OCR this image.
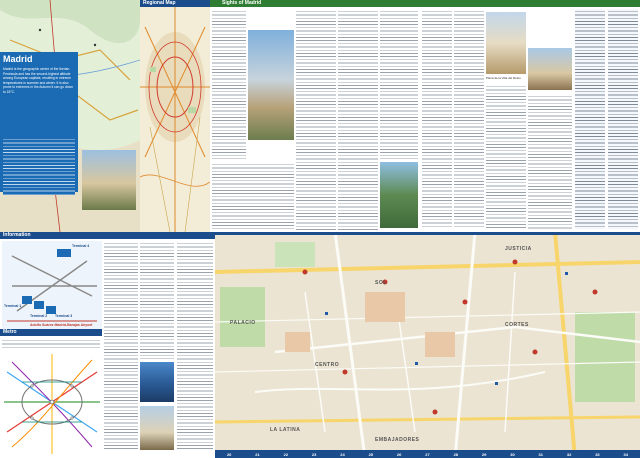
Madrid
Madrid is the geographic centre of the Iberian Peninsula and has the second-highest altitude among European capitals, resulting in extreme temperatures in summer and winter. It is also prone to extremes in the Autumn it can go down to 18°C.
Regional Map	Sights of Madrid
Plaza de la Villa del Retiro
Information
Terminal 4
Terminal 1
Terminal 2 Terminal 3
Adolfo Suárez Madrid-Barajas Airport
Metro
JUSTICIA
SOL
PALACIO
CENTRO
CORTES
LA LATINA
EMBAJADORES
20	21	22	23	24	25	26	27	28	29	30	31	32	33	34
